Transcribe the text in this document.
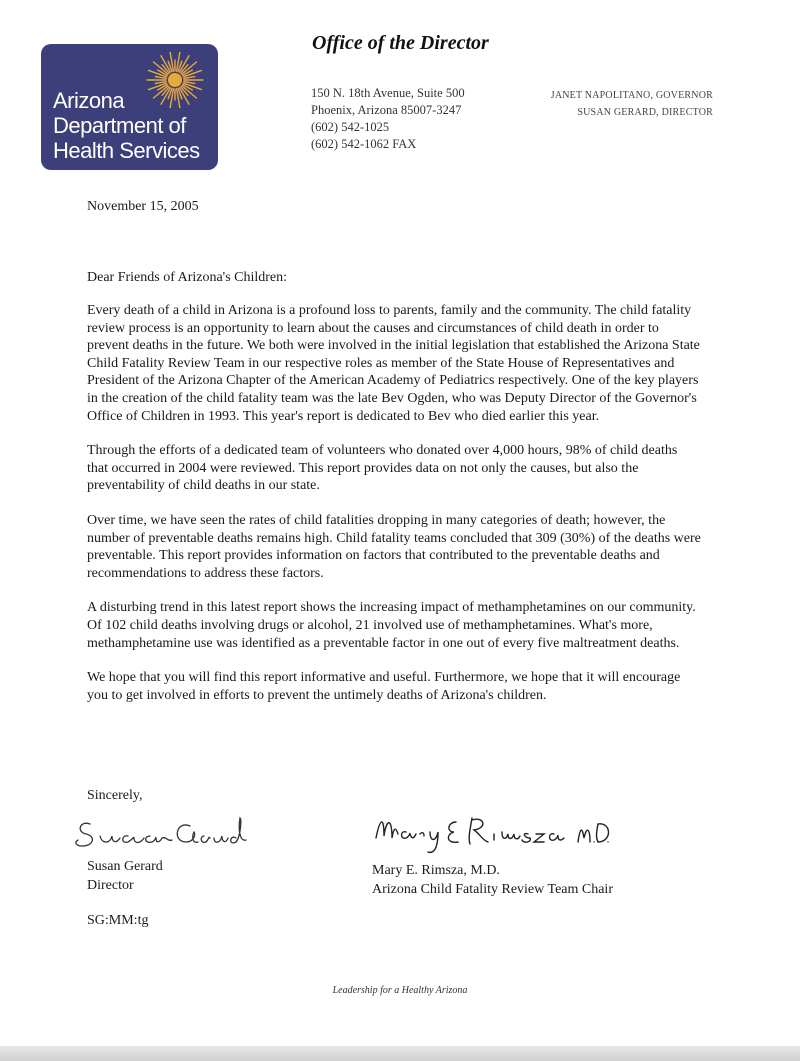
Arizona
Department of
Health Services
Office of the Director
150 N. 18th Avenue, Suite 500
Phoenix, Arizona 85007-3247
(602) 542-1025
(602) 542-1062 FAX
JANET NAPOLITANO, GOVERNOR
SUSAN GERARD, DIRECTOR
November 15, 2005
Dear Friends of Arizona's Children:

Every death of a child in Arizona is a profound loss to parents, family and the community. The child fatality review process is an opportunity to learn about the causes and circumstances of child death in order to prevent deaths in the future. We both were involved in the initial legislation that established the Arizona State Child Fatality Review Team in our respective roles as member of the State House of Representatives and President of the Arizona Chapter of the American Academy of Pediatrics respectively. One of the key players in the creation of the child fatality team was the late Bev Ogden, who was Deputy Director of the Governor's Office of Children in 1993. This year's report is dedicated to Bev who died earlier this year.

Through the efforts of a dedicated team of volunteers who donated over 4,000 hours, 98% of child deaths that occurred in 2004 were reviewed. This report provides data on not only the causes, but also the preventability of child deaths in our state.

Over time, we have seen the rates of child fatalities dropping in many categories of death; however, the number of preventable deaths remains high. Child fatality teams concluded that 309 (30%) of the deaths were preventable. This report provides information on factors that contributed to the preventable deaths and recommendations to address these factors.

A disturbing trend in this latest report shows the increasing impact of methamphetamines on our community. Of 102 child deaths involving drugs or alcohol, 21 involved use of methamphetamines. What's more, methamphetamine use was identified as a preventable factor in one out of every five maltreatment deaths.

We hope that you will find this report informative and useful. Furthermore, we hope that it will encourage you to get involved in efforts to prevent the untimely deaths of Arizona's children.

Sincerely,
Susan Gerard
Director
Mary E. Rimsza, M.D.
Arizona Child Fatality Review Team Chair
SG:MM:tg
Leadership for a Healthy Arizona
